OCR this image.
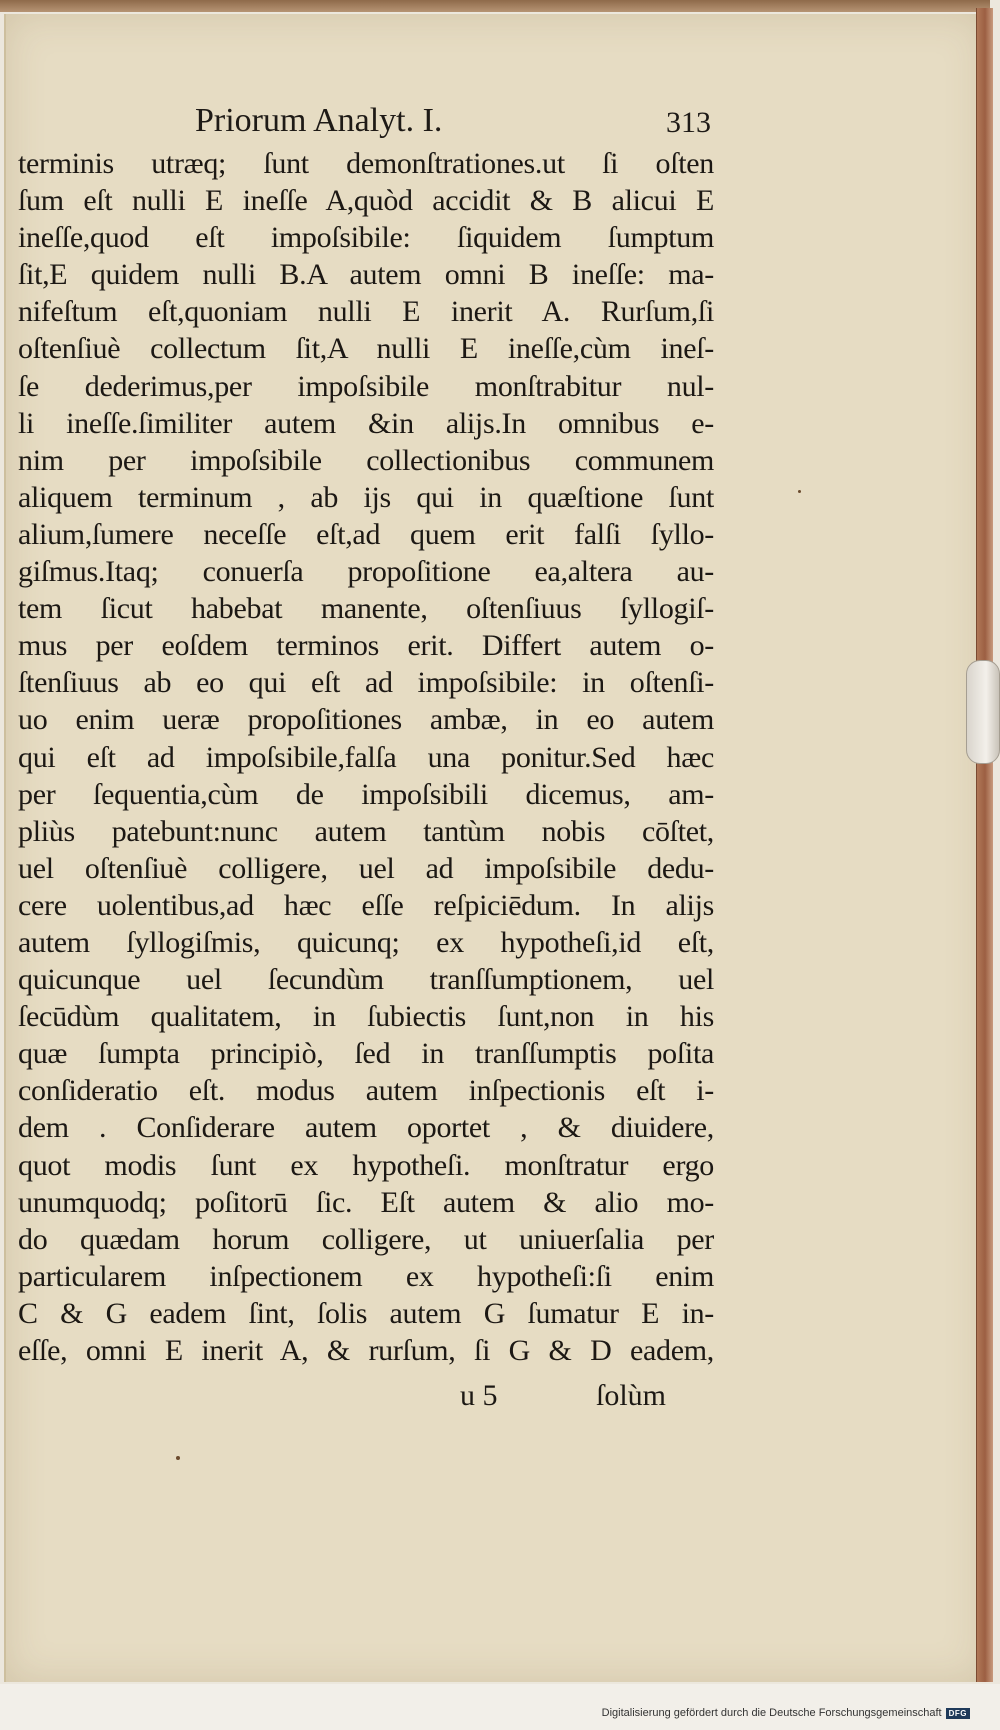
Priorum Analyt. I.	313
terminis utræq; ſunt demonſtrationes.ut ſi oſten
ſum eſt nulli E ineſſe A,quòd accidit & B alicui E
ineſſe,quod eſt impoſsibile: ſiquidem ſumptum
ſit,E quidem nulli B.A autem omni B ineſſe: ma-
nifeſtum eſt,quoniam nulli E inerit A. Rurſum,ſi
oſtenſiuè collectum ſit,A nulli E ineſſe,cùm ineſ-
ſe dederimus,per impoſsibile monſtrabitur nul-
li ineſſe.ſimiliter autem &in alijs.In omnibus e-
nim per impoſsibile collectionibus communem
aliquem terminum , ab ijs qui in quæſtione ſunt
alium,ſumere neceſſe eſt,ad quem erit falſi ſyllo-
giſmus.Itaq; conuerſa propoſitione ea,altera au-
tem ſicut habebat manente, oſtenſiuus ſyllogiſ-
mus per eoſdem terminos erit. Differt autem o-
ſtenſiuus ab eo qui eſt ad impoſsibile: in oſtenſi-
uo enim ueræ propoſitiones ambæ, in eo autem
qui eſt ad impoſsibile,falſa una ponitur.Sed hæc
per ſequentia,cùm de impoſsibili dicemus, am-
pliùs patebunt:nunc autem tantùm nobis cōſtet,
uel oſtenſiuè colligere, uel ad impoſsibile dedu-
cere uolentibus,ad hæc eſſe reſpiciēdum. In alijs
autem ſyllogiſmis, quicunq; ex hypotheſi,id eſt,
quicunque uel ſecundùm tranſſumptionem, uel
ſecūdùm qualitatem, in ſubiectis ſunt,non in his
quæ ſumpta principiò, ſed in tranſſumptis poſita
conſideratio eſt. modus autem inſpectionis eſt i-
dem . Conſiderare autem oportet , & diuidere,
quot modis ſunt ex hypotheſi. monſtratur ergo
unumquodq; poſitorū ſic. Eſt autem & alio mo-
do quædam horum colligere, ut uniuerſalia per
particularem inſpectionem ex hypotheſi:ſi enim
C & G eadem ſint, ſolis autem G ſumatur E in-
eſſe, omni E inerit A, & rurſum, ſi G & D eadem,
u 5	ſolùm
Digitalisierung gefördert durch die Deutsche Forschungsgemeinschaft DFG
